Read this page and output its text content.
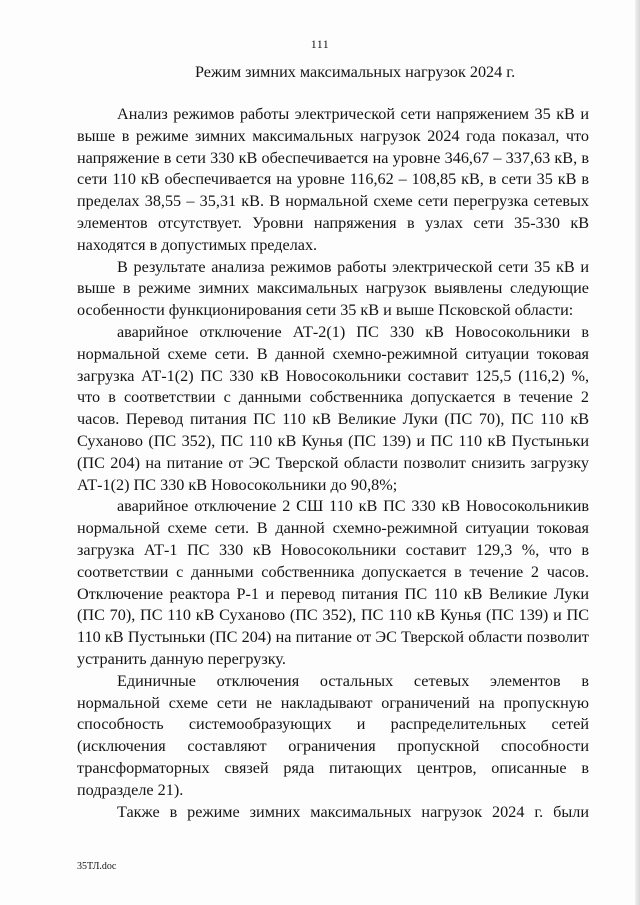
111
Режим зимних максимальных нагрузок 2024 г.

Анализ режимов работы электрической сети напряжением 35 кВ и выше в режиме зимних максимальных нагрузок 2024 года показал, что напряжение в сети 330 кВ обеспечивается на уровне 346,67 – 337,63 кВ, в сети 110 кВ обеспечивается на уровне 116,62 – 108,85 кВ, в сети 35 кВ в пределах 38,55 – 35,31 кВ. В нормальной схеме сети перегрузка сетевых элементов отсутствует. Уровни напряжения в узлах сети 35-330 кВ находятся в допустимых пределах.

В результате анализа режимов работы электрической сети 35 кВ и выше в режиме зимних максимальных нагрузок выявлены следующие особенности функционирования сети 35 кВ и выше Псковской области:

аварийное отключение АТ-2(1) ПС 330 кВ Новосокольники в нормальной схеме сети. В данной схемно-режимной ситуации токовая загрузка АТ-1(2) ПС 330 кВ Новосокольники составит 125,5 (116,2) %, что в соответствии с данными собственника допускается в течение 2 часов. Перевод питания ПС 110 кВ Великие Луки (ПС 70), ПС 110 кВ Суханово (ПС 352), ПС 110 кВ Кунья (ПС 139) и ПС 110 кВ Пустыньки (ПС 204) на питание от ЭС Тверской области позволит снизить загрузку АТ-1(2) ПС 330 кВ Новосокольники до 90,8%;

аварийное отключение 2 СШ 110 кВ ПС 330 кВ Новосокольникив нормальной схеме сети. В данной схемно-режимной ситуации токовая загрузка АТ-1 ПС 330 кВ Новосокольники составит 129,3 %, что в соответствии с данными собственника допускается в течение 2 часов. Отключение реактора Р-1 и перевод питания ПС 110 кВ Великие Луки (ПС 70), ПС 110 кВ Суханово (ПС 352), ПС 110 кВ Кунья (ПС 139) и ПС 110 кВ Пустыньки (ПС 204) на питание от ЭС Тверской области позволит устранить данную перегрузку.

Единичные отключения остальных сетевых элементов в нормальной схеме сети не накладывают ограничений на пропускную способность системообразующих и распределительных сетей (исключения составляют ограничения пропускной способности трансформаторных связей ряда питающих центров, описанные в подразделе 21).

Также в режиме зимних максимальных нагрузок 2024 г. были

35ТЛ.doc
